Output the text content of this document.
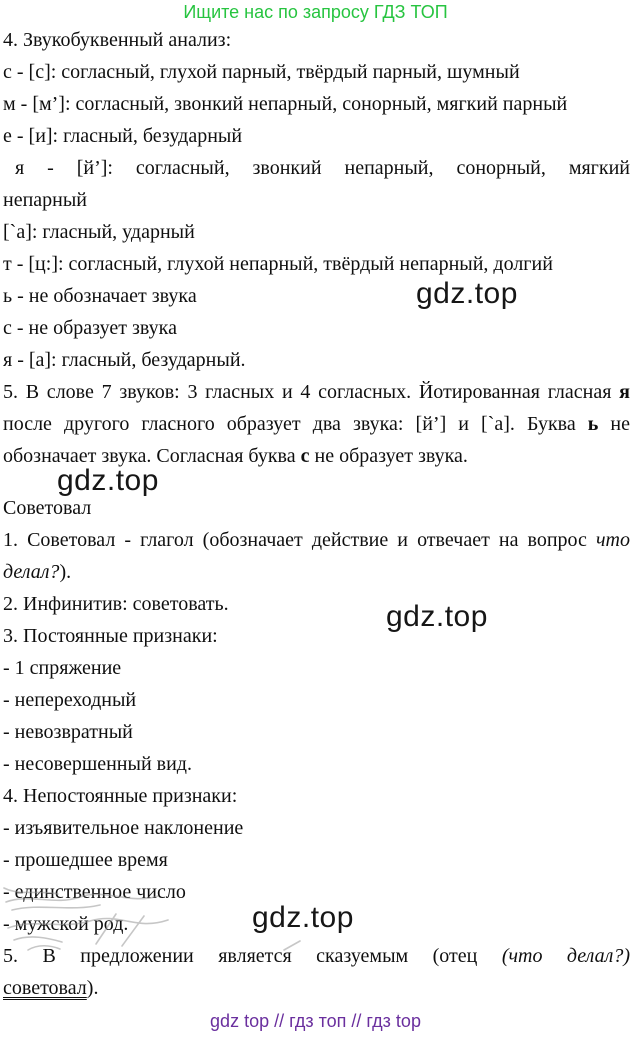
Ищите нас по запросу ГДЗ ТОП

4. Звукобуквенный анализ:

с - [с]: согласный, глухой парный, твёрдый парный, шумный

м - [м’]: согласный, звонкий непарный, сонорный, мягкий парный

е - [и]: гласный, безударный

я - [й’]: согласный, звонкий непарный, сонорный, мягкий непарный

[`а]: гласный, ударный

т - [ц:]: согласный, глухой непарный, твёрдый непарный, долгий

ь - не обозначает звука

с - не образует звука

я - [а]: гласный, безударный.

5. В слове 7 звуков: 3 гласных и 4 согласных. Йотированная гласная я после другого гласного образует два звука: [й’] и [`а]. Буква ь не обозначает звука. Согласная буква с не образует звука.

Советовал

1. Советовал - глагол (обозначает действие и отвечает на вопрос что делал?).

2. Инфинитив: советовать.

3. Постоянные признаки:

- 1 спряжение

- непереходный

- невозвратный

- несовершенный вид.

4. Непостоянные признаки:

- изъявительное наклонение

- прошедшее время

- единственное число

- мужской род.

5. В предложении является сказуемым (отец (что делал?) советовал).

gdz.top
gdz.top
gdz.top
gdz.top
gdz top // гдз топ // гдз top
